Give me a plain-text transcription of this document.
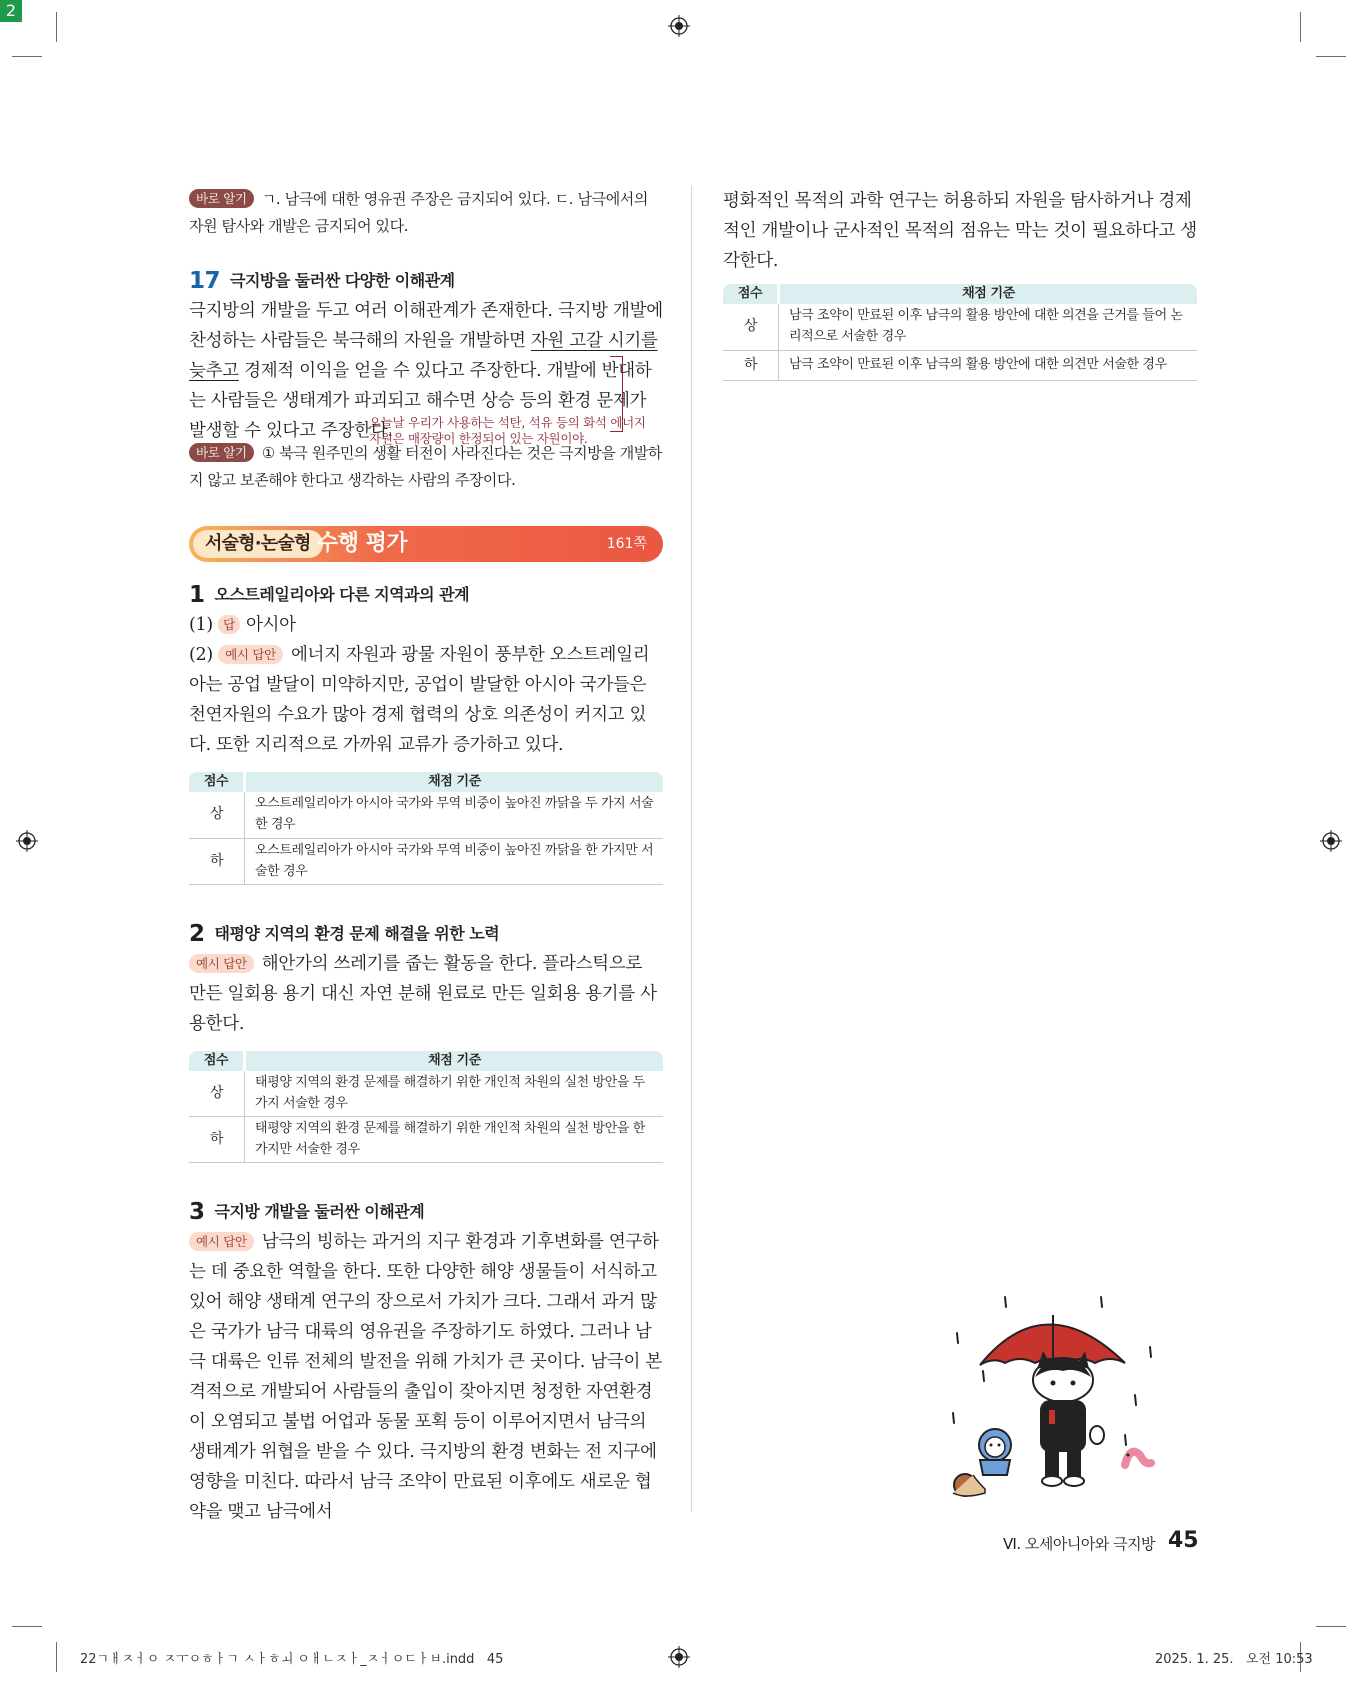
2
바로 알기 ㄱ. 남극에 대한 영유권 주장은 금지되어 있다. ㄷ. 남극에서의 자원 탐사와 개발은 금지되어 있다.
17 극지방을 둘러싼 다양한 이해관계
극지방의 개발을 두고 여러 이해관계가 존재한다. 극지방 개발에 찬성하는 사람들은 북극해의 자원을 개발하면 자원 고갈 시기를 늦추고 경제적 이익을 얻을 수 있다고 주장한다. 개발에 반대하는 사람들은 생태계가 파괴되고 해수면 상승 등의 환경 문제가 발생할 수 있다고 주장한다.
오늘날 우리가 사용하는 석탄, 석유 등의 화석 에너지 자원은 매장량이 한정되어 있는 자원이야.
바로 알기 ① 북극 원주민의 생활 터전이 사라진다는 것은 극지방을 개발하지 않고 보존해야 한다고 생각하는 사람의 주장이다.
서술형·논술형 수행 평가	161쪽
1 오스트레일리아와 다른 지역과의 관계
(1) 답 아시아
(2) 예시 답안 에너지 자원과 광물 자원이 풍부한 오스트레일리아는 공업 발달이 미약하지만, 공업이 발달한 아시아 국가들은 천연자원의 수요가 많아 경제 협력의 상호 의존성이 커지고 있다. 또한 지리적으로 가까워 교류가 증가하고 있다.
점수	채점 기준
상	오스트레일리아가 아시아 국가와 무역 비중이 높아진 까닭을 두 가지 서술한 경우
하	오스트레일리아가 아시아 국가와 무역 비중이 높아진 까닭을 한 가지만 서술한 경우
2 태평양 지역의 환경 문제 해결을 위한 노력
예시 답안 해안가의 쓰레기를 줍는 활동을 한다. 플라스틱으로 만든 일회용 용기 대신 자연 분해 원료로 만든 일회용 용기를 사용한다.
점수	채점 기준
상	태평양 지역의 환경 문제를 해결하기 위한 개인적 차원의 실천 방안을 두 가지 서술한 경우
하	태평양 지역의 환경 문제를 해결하기 위한 개인적 차원의 실천 방안을 한 가지만 서술한 경우
3 극지방 개발을 둘러싼 이해관계
예시 답안 남극의 빙하는 과거의 지구 환경과 기후변화를 연구하는 데 중요한 역할을 한다. 또한 다양한 해양 생물들이 서식하고 있어 해양 생태계 연구의 장으로서 가치가 크다. 그래서 과거 많은 국가가 남극 대륙의 영유권을 주장하기도 하였다. 그러나 남극 대륙은 인류 전체의 발전을 위해 가치가 큰 곳이다. 남극이 본격적으로 개발되어 사람들의 출입이 잦아지면 청정한 자연환경이 오염되고 불법 어업과 동물 포획 등이 이루어지면서 남극의 생태계가 위협을 받을 수 있다. 극지방의 환경 변화는 전 지구에 영향을 미친다. 따라서 남극 조약이 만료된 이후에도 새로운 협약을 맺고 남극에서
평화적인 목적의 과학 연구는 허용하되 자원을 탐사하거나 경제적인 개발이나 군사적인 목적의 점유는 막는 것이 필요하다고 생각한다.
점수	채점 기준
상	남극 조약이 만료된 이후 남극의 활용 방안에 대한 의견을 근거를 들어 논리적으로 서술한 경우
하	남극 조약이 만료된 이후 남극의 활용 방안에 대한 의견만 서술한 경우
Ⅵ. 오세아니아와 극지방 45
22ㄱㅐㅈㅓㅇ ㅈㅜㅇㅎㅏㄱ ㅅㅏㅎㅚ ㅇㅐㄴㅈㅏ_ㅈㅓㅇㄷㅏㅂ.indd   45	2025. 1. 25.   오전 10:53
